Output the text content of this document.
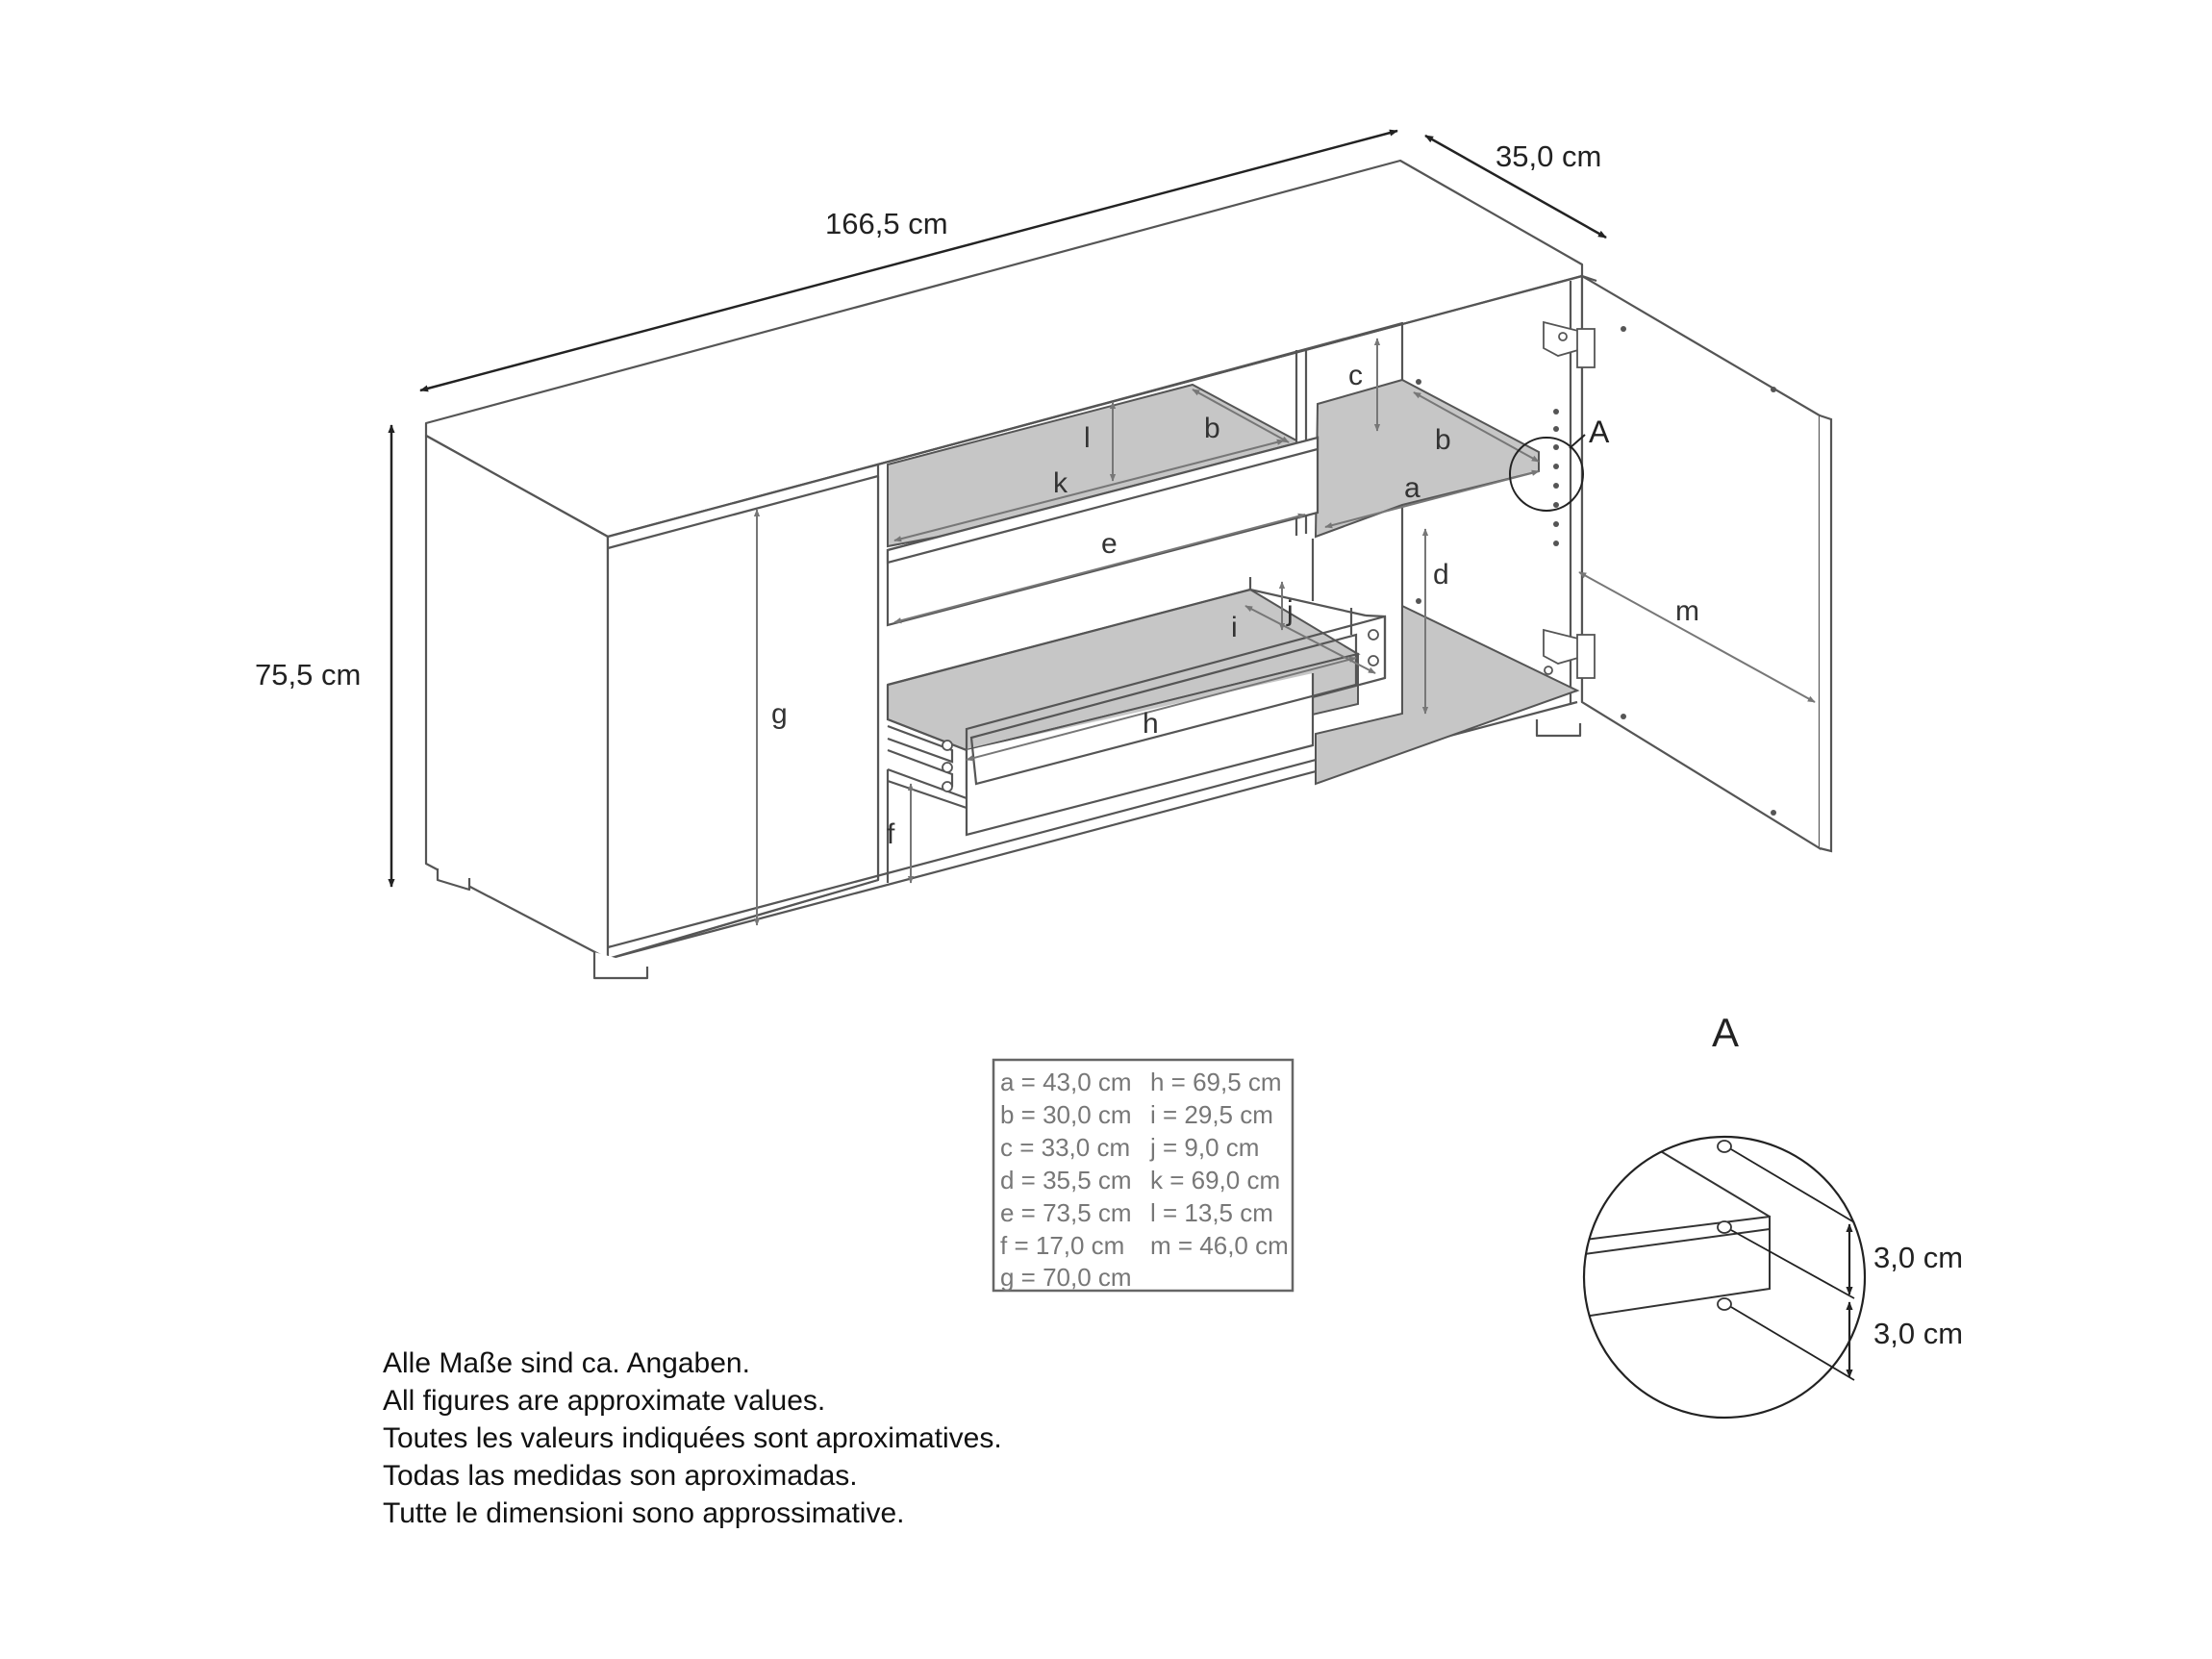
166,5 cm
35,0 cm
75,5 cm
g
e
k
l	b
c
b
a
d
j
i
h
f
m
A
A
3,0 cm
3,0 cm
a = 43,0 cm
b = 30,0 cm
c = 33,0 cm
d = 35,5 cm
e = 73,5 cm
f = 17,0 cm
g = 70,0 cm
h = 69,5 cm
i = 29,5 cm
j = 9,0 cm
k = 69,0 cm
l = 13,5 cm
m = 46,0 cm
Alle Maße sind ca. Angaben.
All figures are approximate values.
Toutes les valeurs indiquées sont aproximatives.
Todas las medidas son aproximadas.
Tutte le dimensioni sono approssimative.
